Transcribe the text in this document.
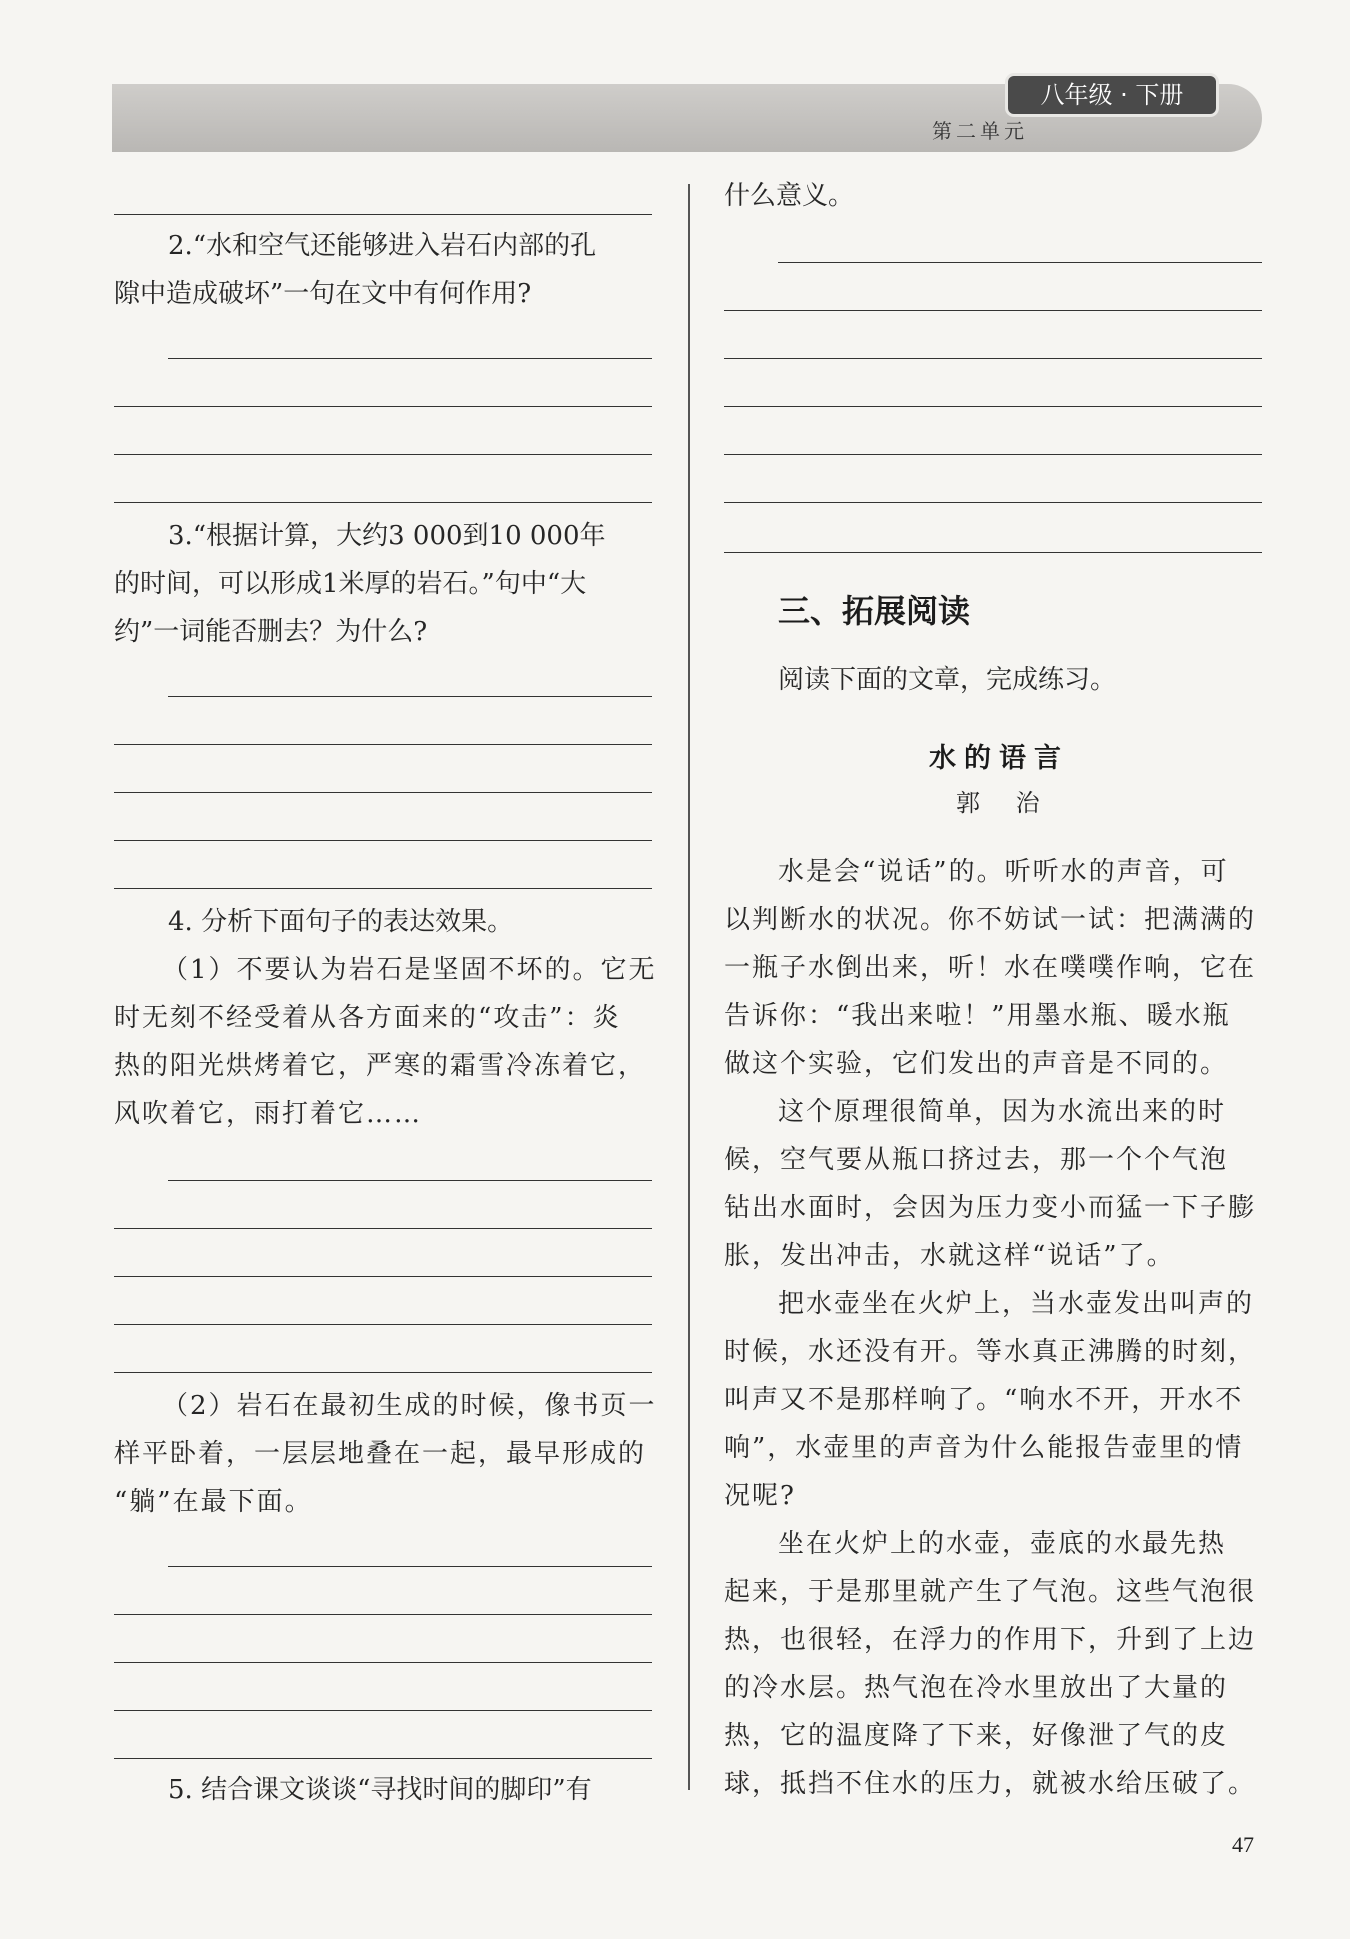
八年级 · 下册
第二单元
2.“水和空气还能够进入岩石内部的孔
隙中造成破坏”一句在文中有何作用?
3.“根据计算，大约3 000到10 000年
的时间，可以形成1米厚的岩石。”句中“大
约”一词能否删去？为什么?
4. 分析下面句子的表达效果。
（1）不要认为岩石是坚固不坏的。它无
时无刻不经受着从各方面来的“攻击”：炎
热的阳光烘烤着它，严寒的霜雪冷冻着它，
风吹着它，雨打着它……
（2）岩石在最初生成的时候，像书页一
样平卧着，一层层地叠在一起，最早形成的
“躺”在最下面。
5. 结合课文谈谈“寻找时间的脚印”有
什么意义。
三、拓展阅读
阅读下面的文章，完成练习。
水的语言
郭 治
水是会“说话”的。听听水的声音，可
以判断水的状况。你不妨试一试：把满满的
一瓶子水倒出来，听！水在噗噗作响，它在
告诉你：“我出来啦！”用墨水瓶、暖水瓶
做这个实验，它们发出的声音是不同的。
这个原理很简单，因为水流出来的时
候，空气要从瓶口挤过去，那一个个气泡
钻出水面时，会因为压力变小而猛一下子膨
胀，发出冲击，水就这样“说话”了。
把水壶坐在火炉上，当水壶发出叫声的
时候，水还没有开。等水真正沸腾的时刻，
叫声又不是那样响了。“响水不开，开水不
响”，水壶里的声音为什么能报告壶里的情
况呢?
坐在火炉上的水壶，壶底的水最先热
起来，于是那里就产生了气泡。这些气泡很
热，也很轻，在浮力的作用下，升到了上边
的冷水层。热气泡在冷水里放出了大量的
热，它的温度降了下来，好像泄了气的皮
球，抵挡不住水的压力，就被水给压破了。
47
